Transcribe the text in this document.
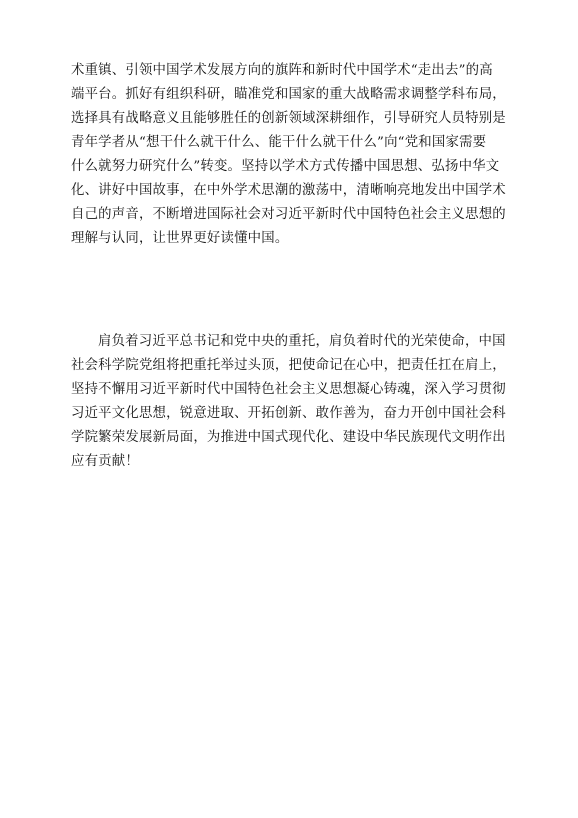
术重镇、引领中国学术发展方向的旗阵和新时代中国学术“走出去”的高
端平台。抓好有组织科研，瞄准党和国家的重大战略需求调整学科布局，
选择具有战略意义且能够胜任的创新领域深耕细作，引导研究人员特别是
青年学者从“想干什么就干什么、能干什么就干什么”向“党和国家需要
什么就努力研究什么”转变。坚持以学术方式传播中国思想、弘扬中华文
化、讲好中国故事，在中外学术思潮的激荡中，清晰响亮地发出中国学术
自己的声音，不断增进国际社会对习近平新时代中国特色社会主义思想的
理解与认同，让世界更好读懂中国。
肩负着习近平总书记和党中央的重托，肩负着时代的光荣使命，中国
社会科学院党组将把重托举过头顶，把使命记在心中，把责任扛在肩上，
坚持不懈用习近平新时代中国特色社会主义思想凝心铸魂，深入学习贯彻
习近平文化思想，锐意进取、开拓创新、敢作善为，奋力开创中国社会科
学院繁荣发展新局面，为推进中国式现代化、建设中华民族现代文明作出
应有贡献！
